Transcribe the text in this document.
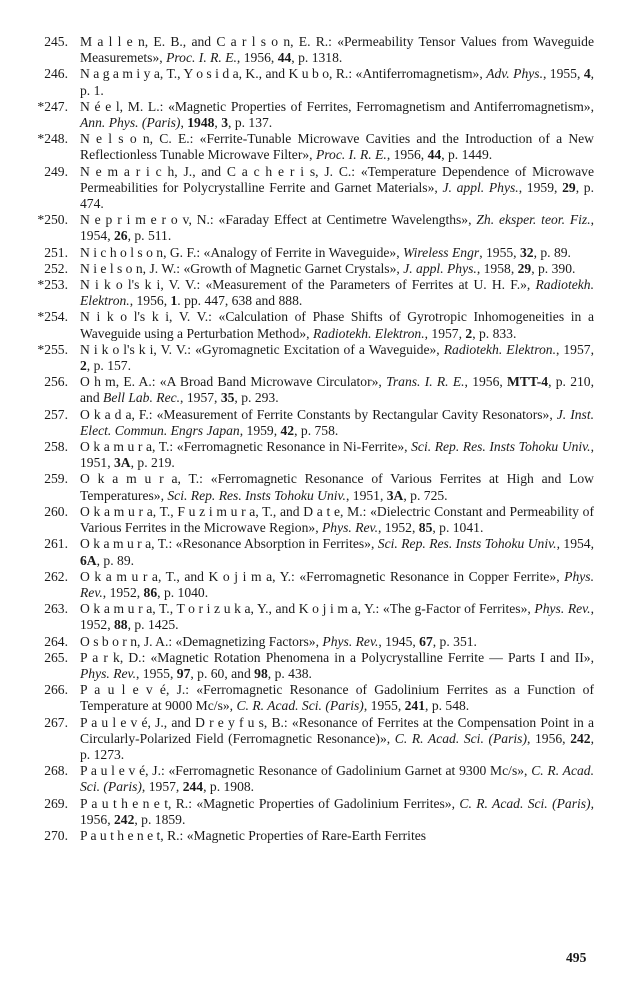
245. M a l l e n, E. B., and C a r l s o n, E. R.: «Permeability Tensor Values from Waveguide Measuremets», Proc. I. R. E., 1956, 44, p. 1318.
246. N a g a m i y a, T., Y o s i d a, K., and K u b o, R.: «Antiferromagnetism», Adv. Phys., 1955, 4, p. 1.
*247. N é e l, M. L.: «Magnetic Properties of Ferrites, Ferromagnetism and Antiferromagnetism», Ann. Phys. (Paris), 1948, 3, p. 137.
*248. N e l s o n, C. E.: «Ferrite-Tunable Microwave Cavities and the Introduction of a New Reflectionless Tunable Microwave Filter», Proc. I. R. E., 1956, 44, p. 1449.
249. N e m a r i c h, J., and C a c h e r i s, J. C.: «Temperature Dependence of Microwave Permeabilities for Polycrystalline Ferrite and Garnet Materials», J. appl. Phys., 1959, 29, p. 474.
*250. N e p r i m e r o v, N.: «Faraday Effect at Centimetre Wavelengths», Zh. eksper. teor. Fiz., 1954, 26, p. 511.
251. N i c h o l s o n, G. F.: «Analogy of Ferrite in Waveguide», Wireless Engr, 1955, 32, p. 89.
252. N i e l s o n, J. W.: «Growth of Magnetic Garnet Crystals», J. appl. Phys., 1958, 29, p. 390.
*253. N i k o l's k i, V. V.: «Measurement of the Parameters of Ferrites at U. H. F.», Radiotekh. Elektron., 1956, 1. pp. 447, 638 and 888.
*254. N i k o l's k i, V. V.: «Calculation of Phase Shifts of Gyrotropic Inhomogeneities in a Waveguide using a Perturbation Method», Radiotekh. Elektron., 1957, 2, p. 833.
*255. N i k o l's k i, V. V.: «Gyromagnetic Excitation of a Waveguide», Radiotekh. Elektron., 1957, 2, p. 157.
256. O h m, E. A.: «A Broad Band Microwave Circulator», Trans. I. R. E., 1956, MTT-4, p. 210, and Bell Lab. Rec., 1957, 35, p. 293.
257. O k a d a, F.: «Measurement of Ferrite Constants by Rectangular Cavity Resonators», J. Inst. Elect. Commun. Engrs Japan, 1959, 42, p. 758.
258. O k a m u r a, T.: «Ferromagnetic Resonance in Ni-Ferrite», Sci. Rep. Res. Insts Tohoku Univ., 1951, 3A, p. 219.
259. O k a m u r a, T.: «Ferromagnetic Resonance of Various Ferrites at High and Low Temperatures», Sci. Rep. Res. Insts Tohoku Univ., 1951, 3A, p. 725.
260. O k a m u r a, T., F u z i m u r a, T., and D a t e, M.: «Dielectric Constant and Permeability of Various Ferrites in the Microwave Region», Phys. Rev., 1952, 85, p. 1041.
261. O k a m u r a, T.: «Resonance Absorption in Ferrites», Sci. Rep. Res. Insts Tohoku Univ., 1954, 6A, p. 89.
262. O k a m u r a, T., and K o j i m a, Y.: «Ferromagnetic Resonance in Copper Ferrite», Phys. Rev., 1952, 86, p. 1040.
263. O k a m u r a, T., T o r i z u k a, Y., and K o j i m a, Y.: «The g-Factor of Ferrites», Phys. Rev., 1952, 88, p. 1425.
264. O s b o r n, J. A.: «Demagnetizing Factors», Phys. Rev., 1945, 67, p. 351.
265. P a r k, D.: «Magnetic Rotation Phenomena in a Polycrystalline Ferrite — Parts I and II», Phys. Rev., 1955, 97, p. 60, and 98, p. 438.
266. P a u l e v é, J.: «Ferromagnetic Resonance of Gadolinium Ferrites as a Function of Temperature at 9000 Mc/s», C. R. Acad. Sci. (Paris), 1955, 241, p. 548.
267. P a u l e v é, J., and D r e y f u s, B.: «Resonance of Ferrites at the Compensation Point in a Circularly-Polarized Field (Ferromagnetic Resonance)», C. R. Acad. Sci. (Paris), 1956, 242, p. 1273.
268. P a u l e v é, J.: «Ferromagnetic Resonance of Gadolinium Garnet at 9300 Mc/s», C. R. Acad. Sci. (Paris), 1957, 244, p. 1908.
269. P a u t h e n e t, R.: «Magnetic Properties of Gadolinium Ferrites», C. R. Acad. Sci. (Paris), 1956, 242, p. 1859.
270. P a u t h e n e t, R.: «Magnetic Properties of Rare-Earth Ferrites
495
